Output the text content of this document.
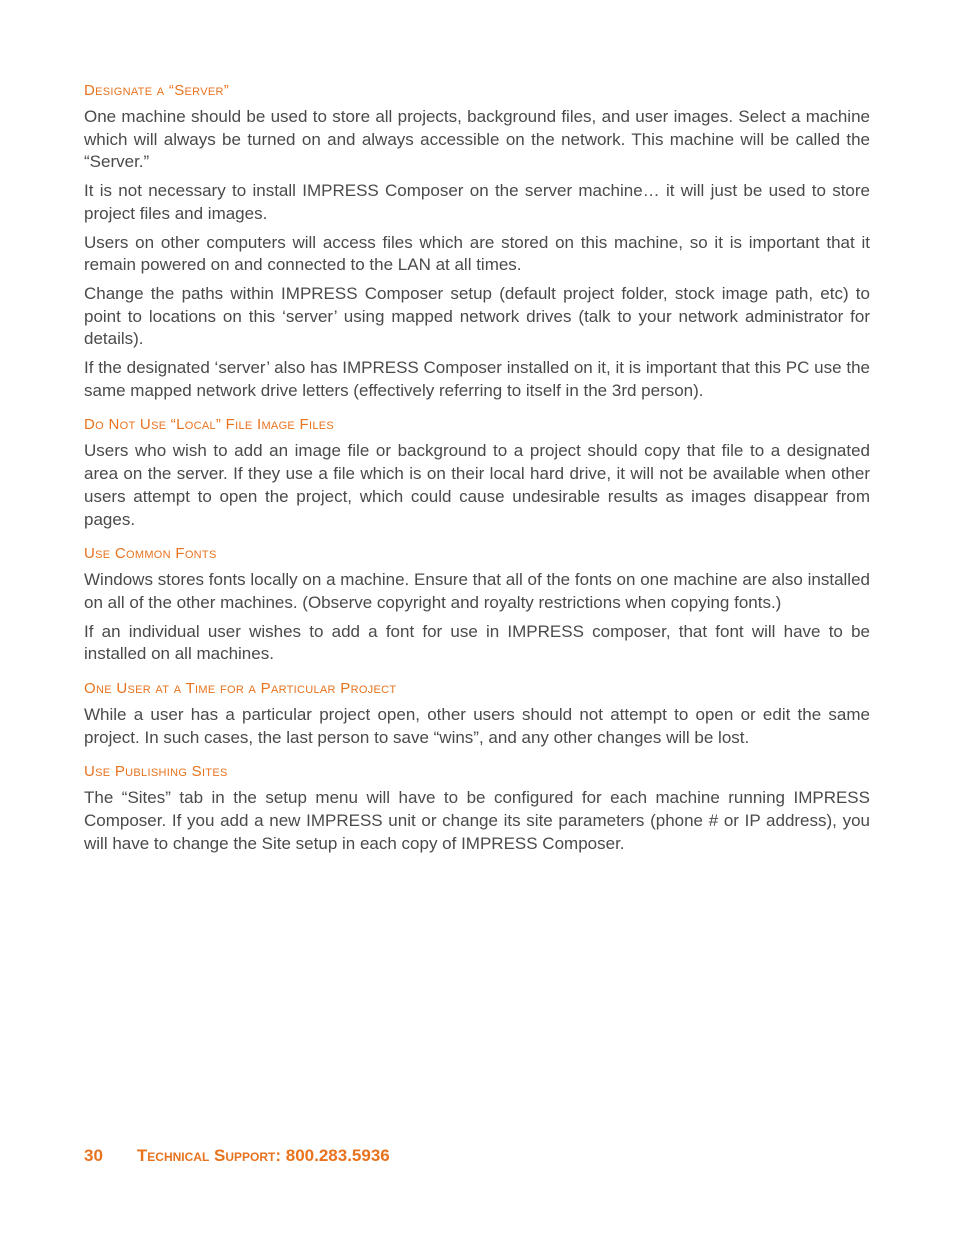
Designate a “Server”

One machine should be used to store all projects, background files, and user images. Select a machine which will always be turned on and always accessible on the network. This machine will be called the “Server.”

It is not necessary to install IMPRESS Composer on the server machine… it will just be used to store project files and images.

Users on other computers will access files which are stored on this machine, so it is important that it remain powered on and connected to the LAN at all times.

Change the paths within IMPRESS Composer setup (default project folder, stock image path, etc) to point to locations on this ‘server’ using mapped network drives (talk to your network administrator for details).

If the designated ‘server’ also has IMPRESS Composer installed on it, it is important that this PC use the same mapped network drive letters (effectively referring to itself in the 3rd person).

Do Not Use “Local” File Image Files

Users who wish to add an image file or background to a project should copy that file to a designated area on the server. If they use a file which is on their local hard drive, it will not be available when other users attempt to open the project, which could cause undesirable results as images disappear from pages.

Use Common Fonts

Windows stores fonts locally on a machine. Ensure that all of the fonts on one machine are also installed on all of the other machines. (Observe copyright and royalty restrictions when copying fonts.)

If an individual user wishes to add a font for use in IMPRESS composer, that font will have to be installed on all machines.

One User at a Time for a Particular Project

While a user has a particular project open, other users should not attempt to open or edit the same project. In such cases, the last person to save “wins”, and any other changes will be lost.

Use Publishing Sites

The “Sites” tab in the setup menu will have to be configured for each machine running IMPRESS Composer. If you add a new IMPRESS unit or change its site parameters (phone # or IP address), you will have to change the Site setup in each copy of IMPRESS Composer.

30 Technical Support: 800.283.5936
